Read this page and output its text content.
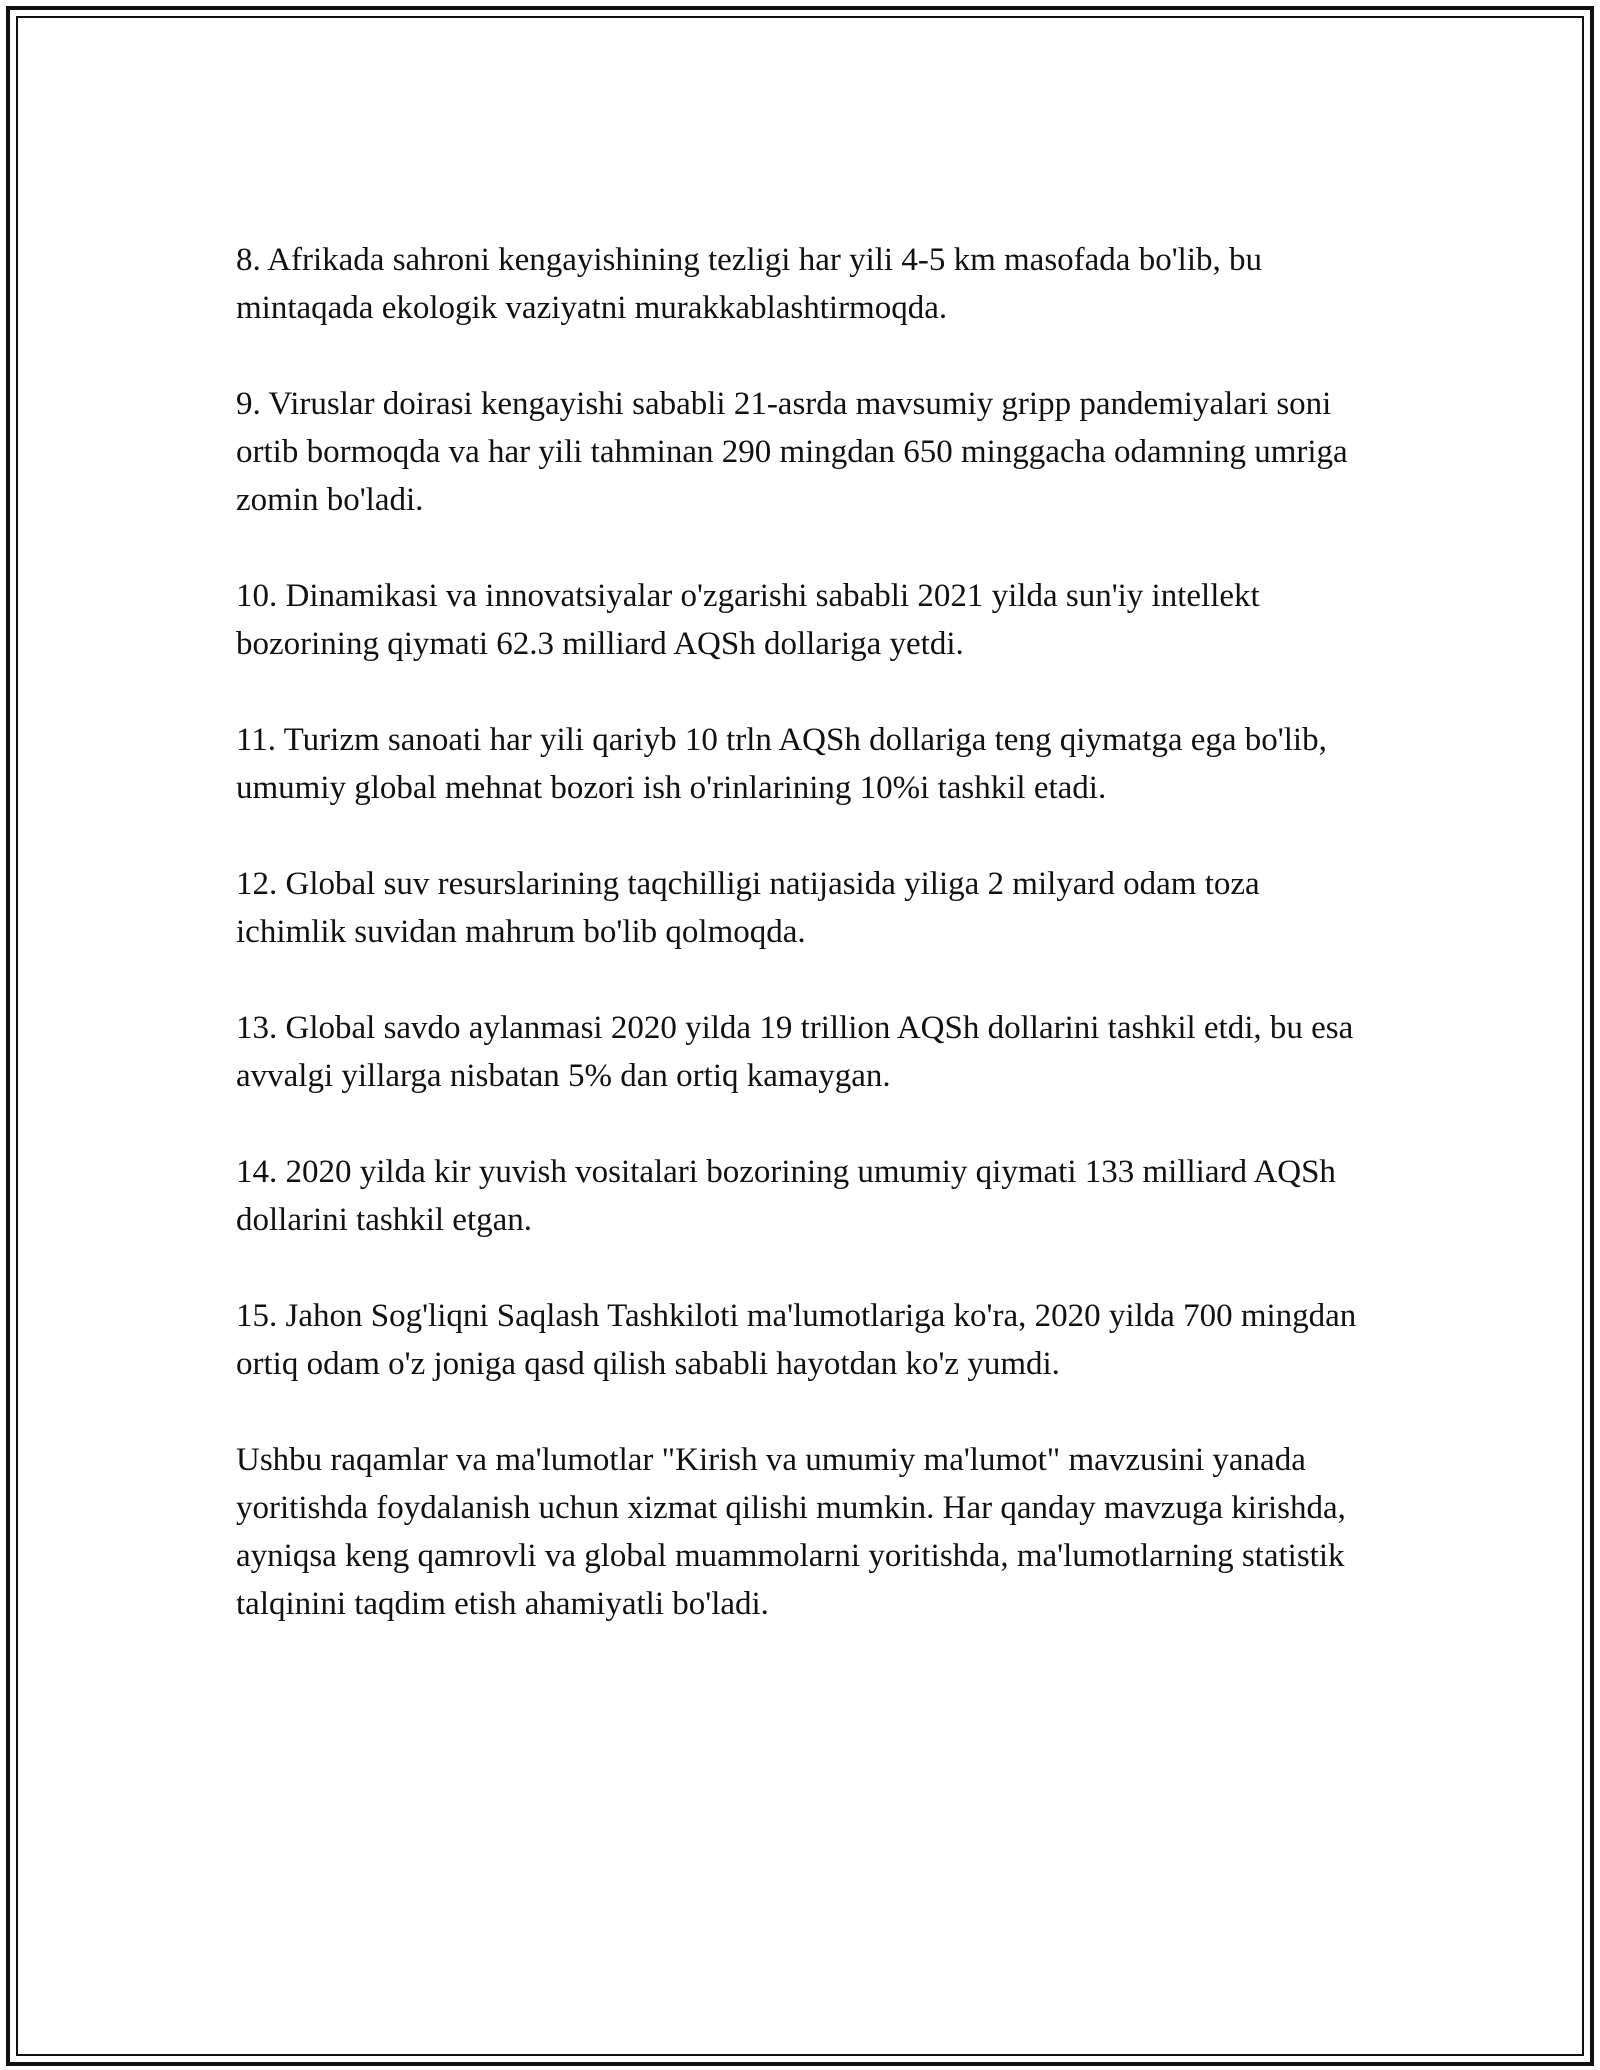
8. Afrikada sahroni kengayishining tezligi har yili 4-5 km masofada bo'lib, bu mintaqada ekologik vaziyatni murakkablashtirmoqda.

9. Viruslar doirasi kengayishi sababli 21-asrda mavsumiy gripp pandemiyalari soni ortib bormoqda va har yili tahminan 290 mingdan 650 minggacha odamning umriga zomin bo'ladi.

10. Dinamikasi va innovatsiyalar o'zgarishi sababli 2021 yilda sun'iy intellekt bozorining qiymati 62.3 milliard AQSh dollariga yetdi.

11. Turizm sanoati har yili qariyb 10 trln AQSh dollariga teng qiymatga ega bo'lib, umumiy global mehnat bozori ish o'rinlarining 10%i tashkil etadi.

12. Global suv resurslarining taqchilligi natijasida yiliga 2 milyard odam toza ichimlik suvidan mahrum bo'lib qolmoqda.

13. Global savdo aylanmasi 2020 yilda 19 trillion AQSh dollarini tashkil etdi, bu esa avvalgi yillarga nisbatan 5% dan ortiq kamaygan.

14. 2020 yilda kir yuvish vositalari bozorining umumiy qiymati 133 milliard AQSh dollarini tashkil etgan.

15. Jahon Sog'liqni Saqlash Tashkiloti ma'lumotlariga ko'ra, 2020 yilda 700 mingdan ortiq odam o'z joniga qasd qilish sababli hayotdan ko'z yumdi.

Ushbu raqamlar va ma'lumotlar "Kirish va umumiy ma'lumot" mavzusini yanada yoritishda foydalanish uchun xizmat qilishi mumkin. Har qanday mavzuga kirishda, ayniqsa keng qamrovli va global muammolarni yoritishda, ma'lumotlarning statistik talqinini taqdim etish ahamiyatli bo'ladi.
